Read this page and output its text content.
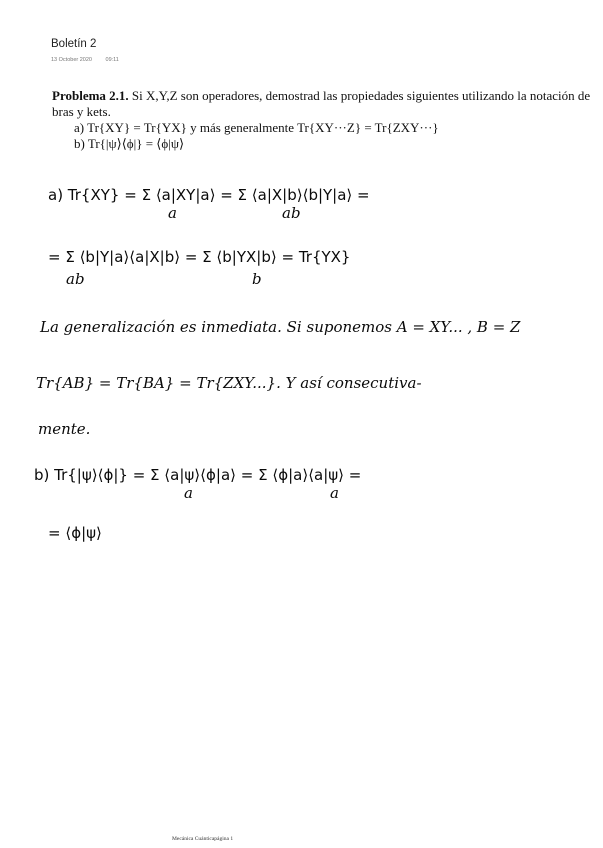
Boletín 2
13 October 2020 09:11
Problema 2.1. Si X,Y,Z son operadores, demostrad las propiedades siguientes utilizando la notación de bras y kets.
a) Tr{XY} = Tr{YX} y más generalmente Tr{XY···Z} = Tr{ZXY···}
b) Tr{|ψ⟩⟨ϕ|} = ⟨ϕ|ψ⟩
a) Tr{XY} = Σ ⟨a|XY|a⟩ = Σ ⟨a|X|b⟩⟨b|Y|a⟩ =
a	ab
= Σ ⟨b|Y|a⟩⟨a|X|b⟩ = Σ ⟨b|YX|b⟩ = Tr{YX}
ab	b
La generalización es inmediata. Si suponemos A = XY... , B = Z
Tr{AB} = Tr{BA} = Tr{ZXY...}. Y así consecutiva-
mente.
b) Tr{|ψ⟩⟨ϕ|} = Σ ⟨a|ψ⟩⟨ϕ|a⟩ = Σ ⟨ϕ|a⟩⟨a|ψ⟩ =
a	a
= ⟨ϕ|ψ⟩
Mecánica Cuánticapágina 1
